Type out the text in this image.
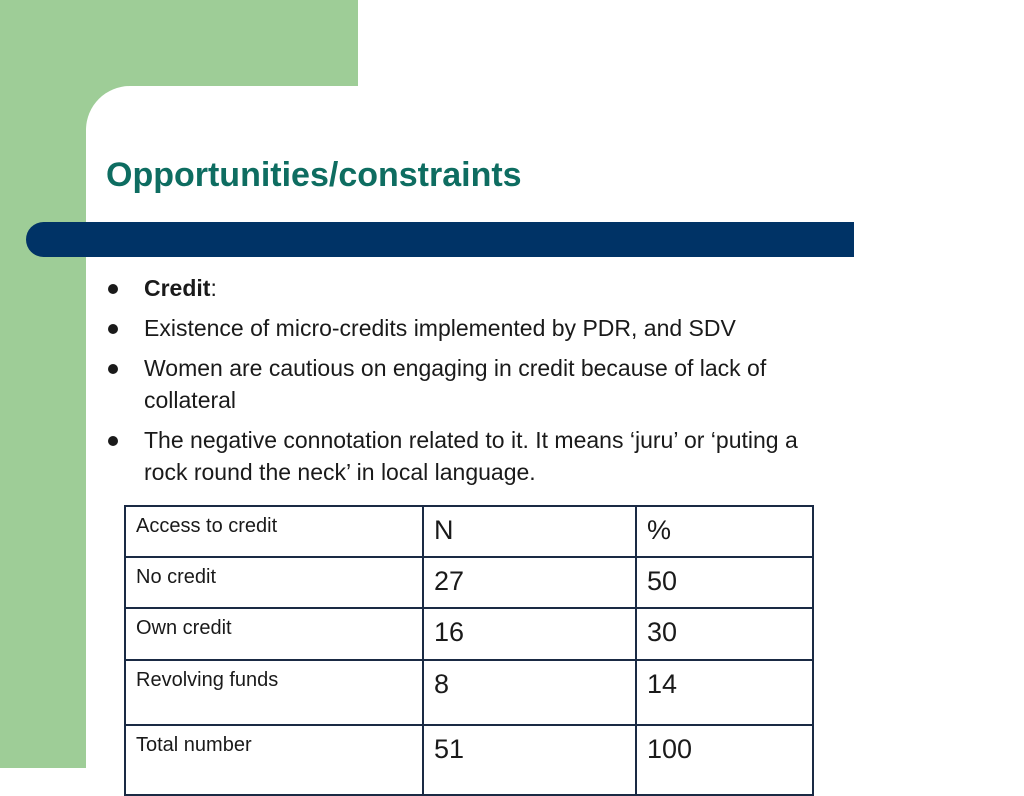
Opportunities/constraints
Credit:
Existence of micro-credits implemented by PDR, and SDV
Women are cautious on engaging in credit because of lack of collateral
The negative connotation related to it. It means ‘juru’ or ‘puting a rock round the neck’ in local language.
Access to credit	N	%
No credit	27	50
Own credit	16	30
Revolving funds	8	14
Total number	51	100
